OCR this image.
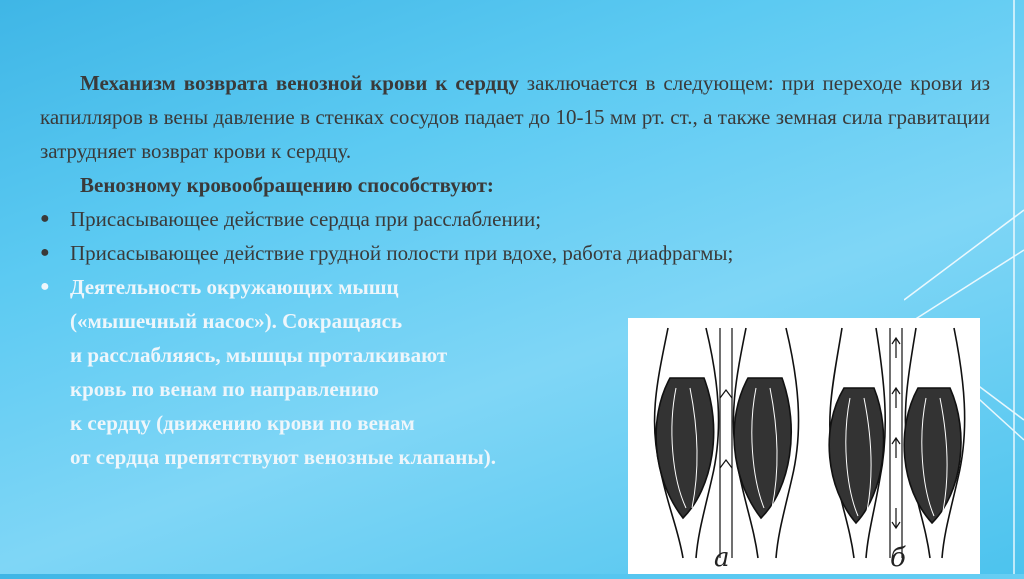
Механизм возврата венозной крови к сердцу заключается в следующем: при переходе крови из капилляров в вены давление в стенках сосудов падает до 10-15 мм рт. ст., а также земная сила гравитации затрудняет возврат крови к сердцу.

Венозному кровообращению способствуют:

● Присасывающее действие сердца при расслаблении;
● Присасывающее действие грудной полости при вдохе, работа диафрагмы;
● Деятельность окружающих мышц
(«мышечный насос»). Сокращаясь
и расслабляясь, мышцы проталкивают
кровь по венам по направлению
к сердцу (движению крови по венам
от сердца препятствуют венозные клапаны).
а	б
